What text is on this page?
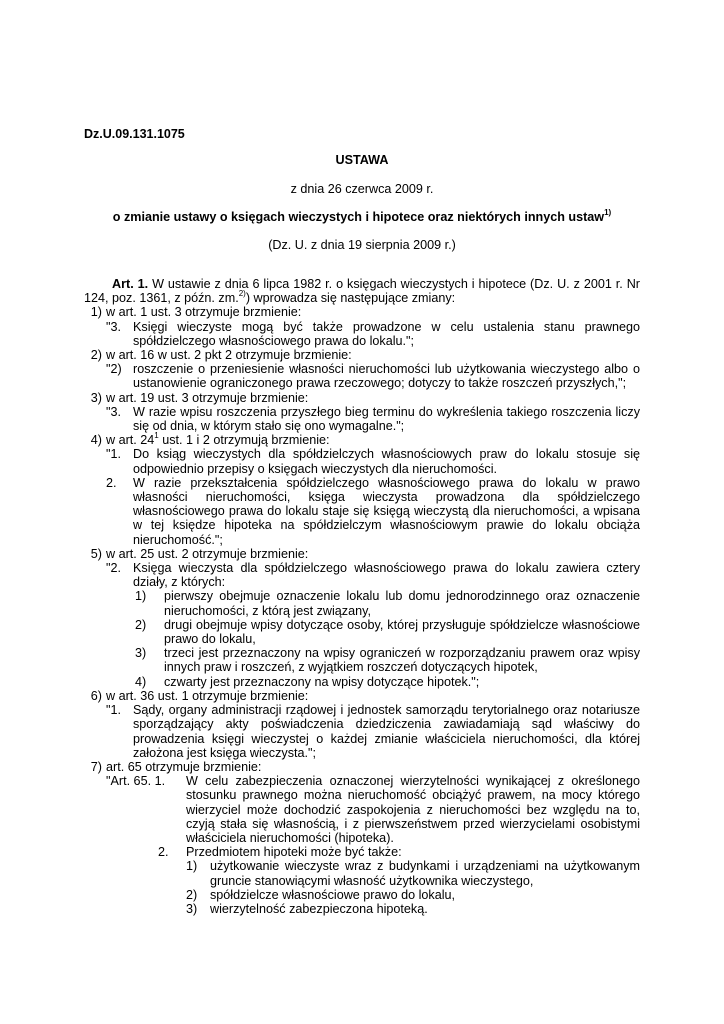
Dz.U.09.131.1075
USTAWA
z dnia 26 czerwca 2009 r.
o zmianie ustawy o księgach wieczystych i hipotece oraz niektórych innych ustaw$^{1)}$
(Dz. U. z dnia 19 sierpnia 2009 r.)
Art. 1. W ustawie z dnia 6 lipca 1982 r. o księgach wieczystych i hipotece (Dz. U. z 2001 r. Nr 124, poz. 1361, z późn. zm.$^{2)}$) wprowadza się następujące zmiany:
1) w art. 1 ust. 3 otrzymuje brzmienie:
"3. Księgi wieczyste mogą być także prowadzone w celu ustalenia stanu prawnego spółdzielczego własnościowego prawa do lokalu.";
2) w art. 16 w ust. 2 pkt 2 otrzymuje brzmienie:
"2) roszczenie o przeniesienie własności nieruchomości lub użytkowania wieczystego albo o ustanowienie ograniczonego prawa rzeczowego; dotyczy to także roszczeń przyszłych,";
3) w art. 19 ust. 3 otrzymuje brzmienie:
"3. W razie wpisu roszczenia przyszłego bieg terminu do wykreślenia takiego roszczenia liczy się od dnia, w którym stało się ono wymagalne.";
4) w art. $24^1$ ust. 1 i 2 otrzymują brzmienie:
"1. Do ksiąg wieczystych dla spółdzielczych własnościowych praw do lokalu stosuje się odpowiednio przepisy o księgach wieczystych dla nieruchomości.
2. W razie przekształcenia spółdzielczego własnościowego prawa do lokalu w prawo własności nieruchomości, księga wieczysta prowadzona dla spółdzielczego własnościowego prawa do lokalu staje się księgą wieczystą dla nieruchomości, a wpisana w tej księdze hipoteka na spółdzielczym własnościowym prawie do lokalu obciąża nieruchomość.";
5) w art. 25 ust. 2 otrzymuje brzmienie:
"2. Księga wieczysta dla spółdzielczego własnościowego prawa do lokalu zawiera cztery działy, z których:
1) pierwszy obejmuje oznaczenie lokalu lub domu jednorodzinnego oraz oznaczenie nieruchomości, z którą jest związany,
2) drugi obejmuje wpisy dotyczące osoby, której przysługuje spółdzielcze własnościowe prawo do lokalu,
3) trzeci jest przeznaczony na wpisy ograniczeń w rozporządzaniu prawem oraz wpisy innych praw i roszczeń, z wyjątkiem roszczeń dotyczących hipotek,
4) czwarty jest przeznaczony na wpisy dotyczące hipotek.";
6) w art. 36 ust. 1 otrzymuje brzmienie:
"1. Sądy, organy administracji rządowej i jednostek samorządu terytorialnego oraz notariusze sporządzający akty poświadczenia dziedziczenia zawiadamiają sąd właściwy do prowadzenia księgi wieczystej o każdej zmianie właściciela nieruchomości, dla której założona jest księga wieczysta.";
7) art. 65 otrzymuje brzmienie:
"Art. 65. 1. W celu zabezpieczenia oznaczonej wierzytelności wynikającej z określonego stosunku prawnego można nieruchomość obciążyć prawem, na mocy którego wierzyciel może dochodzić zaspokojenia z nieruchomości bez względu na to, czyją stała się własnością, i z pierwszeństwem przed wierzycielami osobistymi właściciela nieruchomości (hipoteka).
2. Przedmiotem hipoteki może być także:
1) użytkowanie wieczyste wraz z budynkami i urządzeniami na użytkowanym gruncie stanowiącymi własność użytkownika wieczystego,
2) spółdzielcze własnościowe prawo do lokalu,
3) wierzytelność zabezpieczona hipoteką.
